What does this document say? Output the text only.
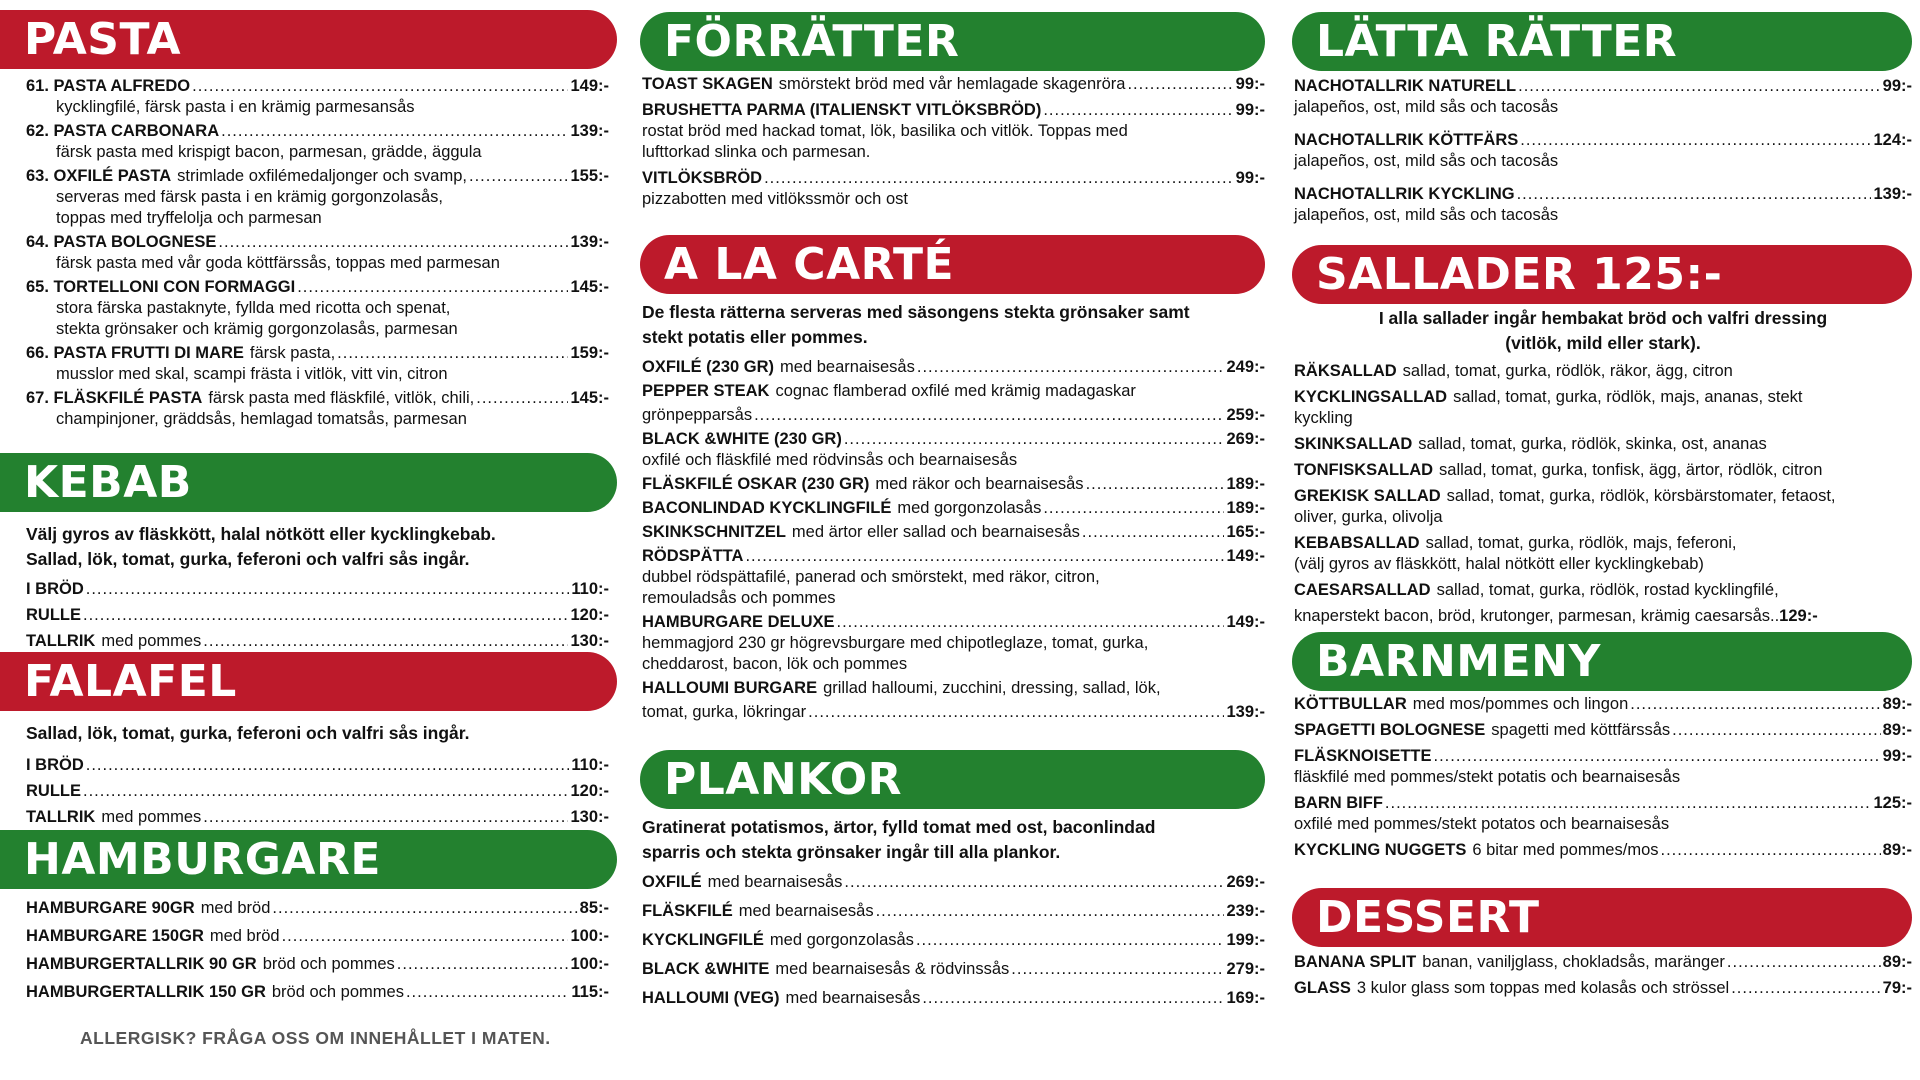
PASTA
61. PASTA ALFREDO .....	149:-
kycklingfilé, färsk pasta i en krämig parmesansås
62. PASTA CARBONARA .....	139:-
färsk pasta med krispigt bacon, parmesan, grädde, äggula
63. OXFILÉ PASTA strimlade oxfilémedaljonger och svamp, .....	155:-
serveras med färsk pasta i en krämig gorgonzolasås,
toppas med tryffelolja och parmesan
64. PASTA BOLOGNESE .....	139:-
färsk pasta med vår goda köttfärssås, toppas med parmesan
65. TORTELLONI CON FORMAGGI .....	145:-
stora färska pastaknyte, fyllda med ricotta och spenat,
stekta grönsaker och krämig gorgonzolasås, parmesan
66. PASTA FRUTTI DI MARE färsk pasta, .....	159:-
musslor med skal, scampi frästa i vitlök, vitt vin, citron
67. FLÄSKFILÉ PASTA färsk pasta med fläskfilé, vitlök, chili, .....	145:-
champinjoner, gräddsås, hemlagad tomatsås, parmesan
KEBAB
Välj gyros av fläskkött, halal nötkött eller kycklingkebab.
Sallad, lök, tomat, gurka, feferoni och valfri sås ingår.
I BRÖD .....	110:-
RULLE .....	120:-
TALLRIK med pommes .....	130:-
FALAFEL
Sallad, lök, tomat, gurka, feferoni och valfri sås ingår.
I BRÖD .....	110:-
RULLE .....	120:-
TALLRIK med pommes .....	130:-
HAMBURGARE
HAMBURGARE 90GR med bröd .....	85:-
HAMBURGARE 150GR med bröd .....	100:-
HAMBURGERTALLRIK 90 GR bröd och pommes .....	100:-
HAMBURGERTALLRIK 150 GR bröd och pommes .....	115:-
ALLERGISK? FRÅGA OSS OM INNEHÅLLET I MATEN.
FÖRRÄTTER
TOAST SKAGEN smörstekt bröd med vår hemlagade skagenröra .....	99:-
BRUSHETTA PARMA (ITALIENSKT VITLÖKSBRÖD) .....	99:-
rostat bröd med hackad tomat, lök, basilika och vitlök. Toppas med
lufttorkad slinka och parmesan.
VITLÖKSBRÖD .....	99:-
pizzabotten med vitlökssmör och ost
A LA CARTÉ
De flesta rätterna serveras med säsongens stekta grönsaker samt
stekt potatis eller pommes.
OXFILÉ (230 GR) med bearnaisesås .....	249:-
PEPPER STEAK cognac flamberad oxfilé med krämig madagaskar
grönpepparsås .....	259:-
BLACK &WHITE (230 GR) .....	269:-
oxfilé och fläskfilé med rödvinsås och bearnaisesås
FLÄSKFILÉ OSKAR (230 GR) med räkor och bearnaisesås .....	189:-
BACONLINDAD KYCKLINGFILÉ med gorgonzolasås .....	189:-
SKINKSCHNITZEL med ärtor eller sallad och bearnaisesås .....	165:-
RÖDSPÄTTA .....	149:-
dubbel rödspättafilé, panerad och smörstekt, med räkor, citron,
remouladsås och pommes
HAMBURGARE DELUXE .....	149:-
hemmagjord 230 gr högrevsburgare med chipotleglaze, tomat, gurka,
cheddarost, bacon, lök och pommes
HALLOUMI BURGARE grillad halloumi, zucchini, dressing, sallad, lök,
tomat, gurka, lökringar .....	139:-
PLANKOR
Gratinerat potatismos, ärtor, fylld tomat med ost, baconlindad
sparris och stekta grönsaker ingår till alla plankor.
OXFILÉ med bearnaisesås .....	269:-
FLÄSKFILÉ med bearnaisesås .....	239:-
KYCKLINGFILÉ med gorgonzolasås .....	199:-
BLACK &WHITE med bearnaisesås & rödvinssås .....	279:-
HALLOUMI (VEG) med bearnaisesås .....	169:-
LÄTTA RÄTTER
NACHOTALLRIK NATURELL .....	99:-
jalapeños, ost, mild sås och tacosås
NACHOTALLRIK KÖTTFÄRS .....	124:-
jalapeños, ost, mild sås och tacosås
NACHOTALLRIK KYCKLING .....	139:-
jalapeños, ost, mild sås och tacosås
SALLADER 125:-
I alla sallader ingår hembakat bröd och valfri dressing
(vitlök, mild eller stark).
RÄKSALLAD sallad, tomat, gurka, rödlök, räkor, ägg, citron
KYCKLINGSALLAD sallad, tomat, gurka, rödlök, majs, ananas, stekt
kyckling
SKINKSALLAD sallad, tomat, gurka, rödlök, skinka, ost, ananas
TONFISKSALLAD sallad, tomat, gurka, tonfisk, ägg, ärtor, rödlök, citron
GREKISK SALLAD sallad, tomat, gurka, rödlök, körsbärstomater, fetaost,
oliver, gurka, olivolja
KEBABSALLAD sallad, tomat, gurka, rödlök, majs, feferoni,
(välj gyros av fläskkött, halal nötkött eller kycklingkebab)
CAESARSALLAD sallad, tomat, gurka, rödlök, rostad kycklingfilé,
knaperstekt bacon, bröd, krutonger, parmesan, krämig caesarsås.. 129:-
BARNMENY
KÖTTBULLAR med mos/pommes och lingon .....	89:-
SPAGETTI BOLOGNESE spagetti med köttfärssås .....	89:-
FLÄSKNOISETTE .....	99:-
fläskfilé med pommes/stekt potatis och bearnaisesås
BARN BIFF .....	125:-
oxfilé med pommes/stekt potatos och bearnaisesås
KYCKLING NUGGETS 6 bitar med pommes/mos .....	89:-
DESSERT
BANANA SPLIT banan, vaniljglass, chokladsås, maränger .....	89:-
GLASS 3 kulor glass som toppas med kolasås och strössel .....	79:-
